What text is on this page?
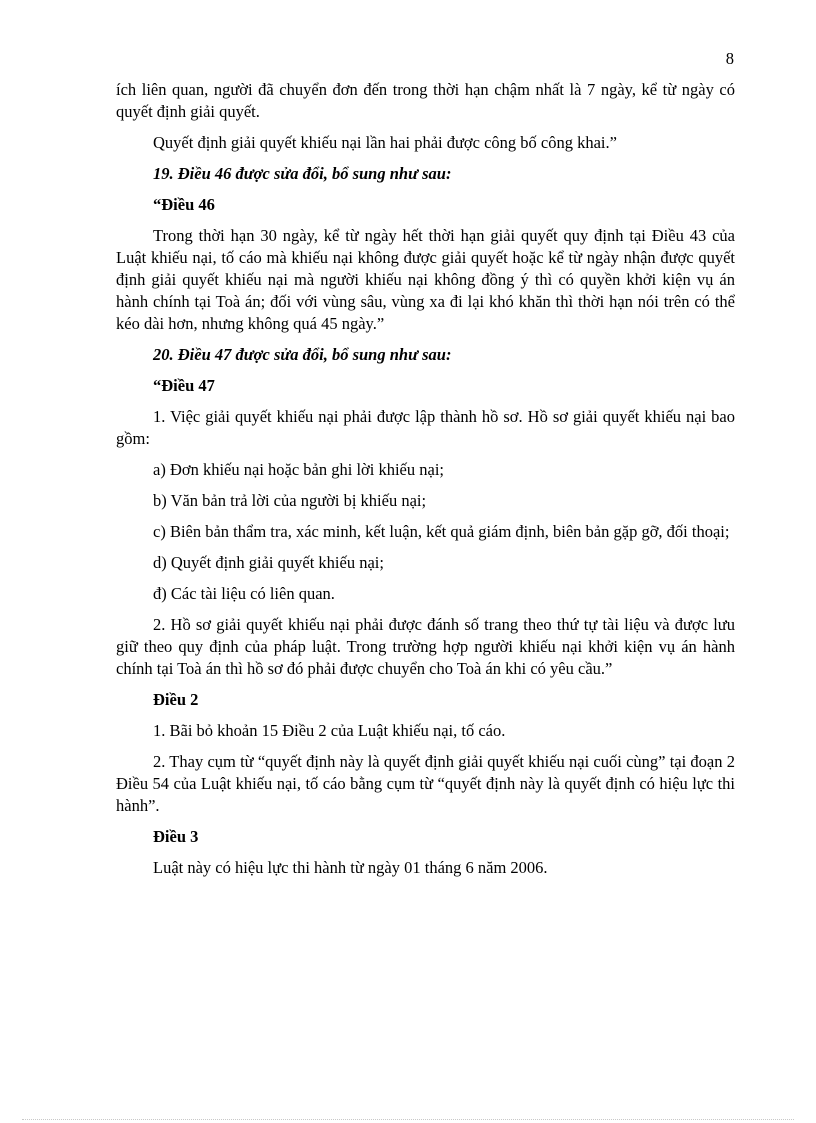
8

ích liên quan, người đã chuyển đơn đến trong thời hạn chậm nhất là 7 ngày, kể từ ngày có quyết định giải quyết.

Quyết định giải quyết khiếu nại lần hai phải được công bố công khai.”

19. Điều 46 được sửa đổi, bổ sung như sau:

“Điều 46

Trong thời hạn 30 ngày, kể từ ngày hết thời hạn giải quyết quy định tại Điều 43 của Luật khiếu nại, tố cáo mà khiếu nại không được giải quyết hoặc kể từ ngày nhận được quyết định giải quyết khiếu nại mà người khiếu nại không đồng ý thì có quyền khởi kiện vụ án hành chính tại Toà án; đối với vùng sâu, vùng xa đi lại khó khăn thì thời hạn nói trên có thể kéo dài hơn, nhưng không quá 45 ngày.”

20. Điều 47 được sửa đổi, bổ sung như sau:

“Điều 47

1. Việc giải quyết khiếu nại phải được lập thành hồ sơ. Hồ sơ giải quyết khiếu nại bao gồm:

a) Đơn khiếu nại hoặc bản ghi lời khiếu nại;

b) Văn bản trả lời của người bị khiếu nại;

c) Biên bản thẩm tra, xác minh, kết luận, kết quả giám định, biên bản gặp gỡ, đối thoại;

d) Quyết định giải quyết khiếu nại;

đ) Các tài liệu có liên quan.

2. Hồ sơ giải quyết khiếu nại phải được đánh số trang theo thứ tự tài liệu và được lưu giữ theo quy định của pháp luật. Trong trường hợp người khiếu nại khởi kiện vụ án hành chính tại Toà án thì hồ sơ đó phải được chuyển cho Toà án khi có yêu cầu.”

Điều 2

1. Bãi bỏ khoản 15 Điều 2 của Luật khiếu nại, tố cáo.

2. Thay cụm từ “quyết định này là quyết định giải quyết khiếu nại cuối cùng” tại đoạn 2 Điều 54 của Luật khiếu nại, tố cáo bằng cụm từ “quyết định này là quyết định có hiệu lực thi hành”.

Điều 3

Luật này có hiệu lực thi hành từ ngày 01 tháng 6 năm 2006.
